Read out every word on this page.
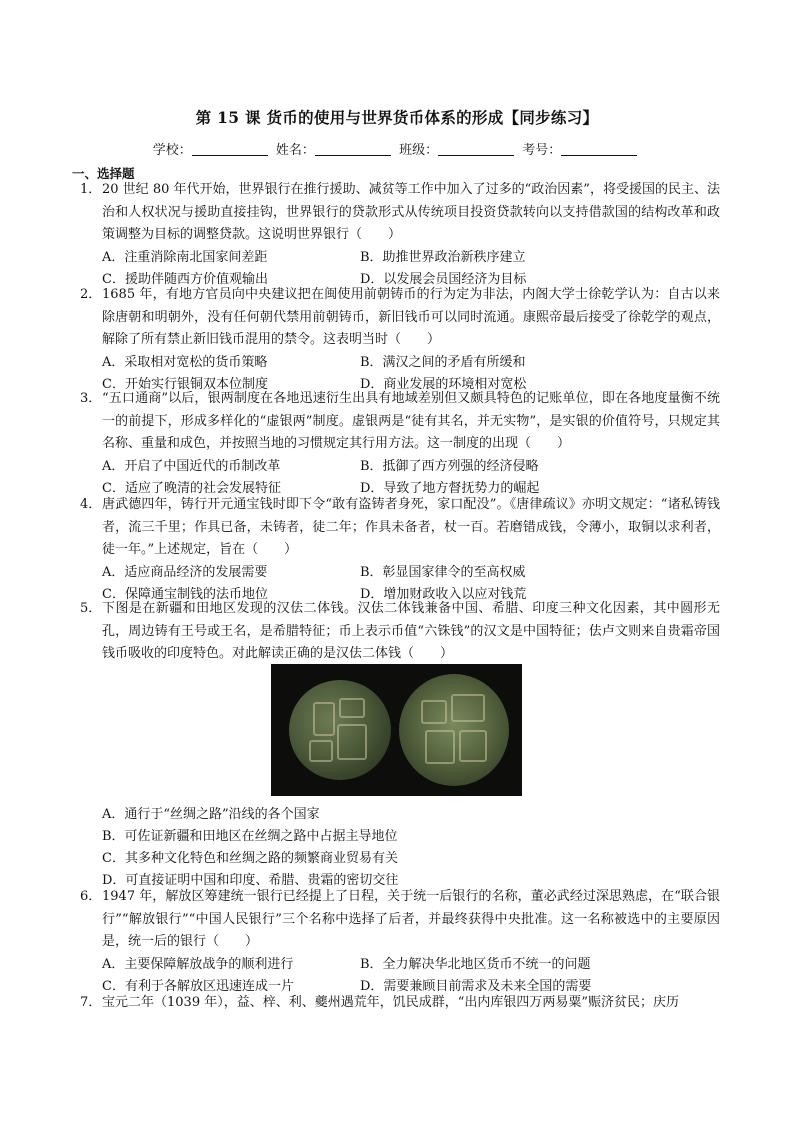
第 15 课 货币的使用与世界货币体系的形成【同步练习】
学校：	姓名：	班级：	考号：
一、选择题
1． 20 世纪 80 年代开始，世界银行在推行援助、减贫等工作中加入了过多的“政治因素”，将受援国的民主、法治和人权状况与援助直接挂钩，世界银行的贷款形式从传统项目投资贷款转向以支持借款国的结构改革和政策调整为目标的调整贷款。这说明世界银行（　　）
A．注重消除南北国家间差距	B．助推世界政治新秩序建立
C．援助伴随西方价值观输出	D．以发展会员国经济为目标
2． 1685 年，有地方官员向中央建议把在闽使用前朝铸币的行为定为非法，内阁大学士徐乾学认为：自古以来除唐朝和明朝外，没有任何朝代禁用前朝铸币，新旧钱币可以同时流通。康熙帝最后接受了徐乾学的观点，解除了所有禁止新旧钱币混用的禁令。这表明当时（　　）
A．采取相对宽松的货币策略	B．满汉之间的矛盾有所缓和
C．开始实行银铜双本位制度	D．商业发展的环境相对宽松
3． “五口通商”以后，银两制度在各地迅速衍生出具有地域差别但又颇具特色的记账单位，即在各地度量衡不统一的前提下，形成多样化的“虚银两”制度。虚银两是“徒有其名，并无实物”，是实银的价值符号，只规定其名称、重量和成色，并按照当地的习惯规定其行用方法。这一制度的出现（　　）
A．开启了中国近代的币制改革	B．抵御了西方列强的经济侵略
C．适应了晚清的社会发展特征	D．导致了地方督抚势力的崛起
4． 唐武德四年，铸行开元通宝钱时即下令“敢有盗铸者身死，家口配没”。《唐律疏议》亦明文规定：“诸私铸钱者，流三千里；作具已备，未铸者，徒二年；作具未备者，杖一百。若磨错成钱，令薄小，取铜以求利者，徒一年。”上述规定，旨在（　　）
A．适应商品经济的发展需要	B．彰显国家律令的至高权威
C．保障通宝制钱的法币地位	D．增加财政收入以应对钱荒
5． 下图是在新疆和田地区发现的汉佉二体钱。汉佉二体钱兼备中国、希腊、印度三种文化因素，其中圆形无孔，周边铸有王号或王名，是希腊特征；币上表示币值“六铢钱”的汉文是中国特征；佉卢文则来自贵霜帝国钱币吸收的印度特色。对此解读正确的是汉佉二体钱（　　）
A．通行于“丝绸之路”沿线的各个国家
B．可佐证新疆和田地区在丝绸之路中占据主导地位
C．其多种文化特色和丝绸之路的频繁商业贸易有关
D．可直接证明中国和印度、希腊、贵霜的密切交往
6． 1947 年，解放区筹建统一银行已经提上了日程，关于统一后银行的名称，董必武经过深思熟虑，在“联合银行”“解放银行”“中国人民银行”三个名称中选择了后者，并最终获得中央批准。这一名称被选中的主要原因是，统一后的银行（　　）
A．主要保障解放战争的顺利进行	B．全力解决华北地区货币不统一的问题
C．有利于各解放区迅速连成一片	D．需要兼顾目前需求及未来全国的需要
7． 宝元二年（1039 年），益、梓、利、夔州遇荒年，饥民成群，“出内库银四万两易粟”赈济贫民；庆历
